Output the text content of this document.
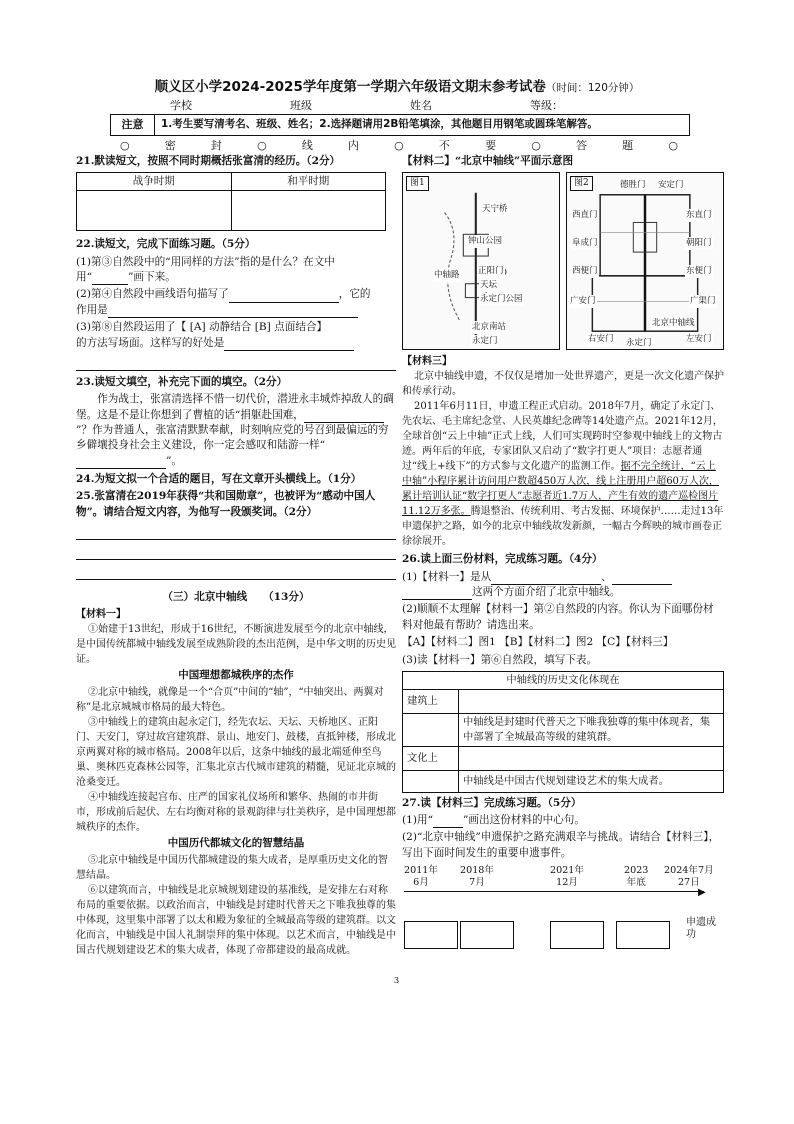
顺义区小学2024-2025学年度第一学期六年级语文期末参考试卷（时间：120分钟）
学校	班级	姓名	等级：
注意	1.考生要写清考名、班级、姓名；2.选择题请用2B铅笔填涂，其他题目用钢笔或圆珠笔解答。
○	密	封	○	线	内	○	不	要	○	答	题	○
21.默读短文，按照不同时期概括张富清的经历。（2分）
战争时期	和平时期

22.读短文，完成下面练习题。（5分）
(1)第③自然段中的“用同样的方法”指的是什么？在文中
用“	”画下来。
(2)第④自然段中画线语句描写了	，它的
作用是
(3)第⑧自然段运用了【 [A] 动静结合 [B] 点面结合】
的方法写场面。这样写的好处是
23.读短文填空，补充完下面的填空。（2分）
作为战士，张富清选择不惜一切代价，潜进永丰城炸掉敌人的碉堡。这是不是让你想到了曹植的话“捐躯赴国难，”？作为普通人，张富清默默奉献，时刻响应党的号召到最偏远的穷乡僻壤投身社会主义建设，你一定会感叹和陆游一样“”。
24.为短文拟一个合适的题目，写在文章开头横线上。（1分）
25.张富清在2019年获得“共和国勋章”，也被评为“感动中国人物”。请结合短文内容，为他写一段颁奖词。（2分）
（三）北京中轴线　　（13分）
【材料一】

①始建于13世纪，形成于16世纪，不断演进发展至今的北京中轴线，是中国传统都城中轴线发展至成熟阶段的杰出范例，是中华文明的历史见证。

中国理想都城秩序的杰作

②北京中轴线，就像是一个“合页”中间的“轴”，“中轴突出、两翼对称”是北京城城市格局的最大特色。

③中轴线上的建筑由起永定门，经先农坛、天坛、天桥地区、正阳门、天安门，穿过故宫建筑群、景山、地安门、鼓楼，直抵钟楼，形成北京两翼对称的城市格局。2008年以后，这条中轴线的最北端延伸至鸟巢、奥林匹克森林公园等，汇集北京古代城市建筑的精髓，见证北京城的沧桑变迁。

④中轴线连接起宫布、庄严的国家礼仪场所和繁华、热闹的市井街市，形成前后起伏、左右均衡对称的景观韵律与壮美秩序，是中国理想都城秩序的杰作。

中国历代都城文化的智慧结晶

⑤北京中轴线是中国历代都城建设的集大成者，是厚重历史文化的智慧结晶。

⑥以建筑而言，中轴线是北京城规划建设的基准线，是安排左右对称布局的重要依据。以政治而言，中轴线是封建时代普天之下唯我独尊的集中体现，这里集中部署了以太和殿为象征的全城最高等级的建筑群。以文化而言，中轴线是中国人礼制崇拜的集中体现。以艺术而言，中轴线是中国古代规划建设艺术的集大成者，体现了帝都建设的最高成就。

【材料二】“北京中轴线”平面示意图
图1
天宁桥
钟山公园
中轴路 正阳门
天坛
永定门公园
北京南站
永定门
图2	德胜门 安定门
西直门	东直门
阜成门	朝阳门
西便门	东便门
广安门	广渠门
右安门 永定门	左安门
北京中轴线
【材料三】

北京中轴线申遗，不仅仅是增加一处世界遗产，更是一次文化遗产保护和传承行动。

2011年6月11日，申遗工程正式启动。2018年7月，确定了永定门、先农坛、毛主席纪念堂、人民英雄纪念碑等14处遗产点。2021年12月，全球首创“云上中轴”正式上线，人们可实现跨时空参观中轴线上的文物古迹。两年后的年底，专家团队又启动了“数字打更人”项目：志愿者通过“线上+线下”的方式参与文化遗产的监测工作。据不完全统计，“云上中轴”小程序累计访问用户数超450万人次，线上注册用户超60万人次，累计培训认证“数字打更人”志愿者近1.7万人，产生有效的遗产巡检图片11.12万多张。腾退整治、传统利用、考古发掘、环境保护……走过13年申遗保护之路，如今的北京中轴线故发新颜，一幅古今辉映的城市画卷正徐徐展开。

26.读上面三份材料，完成练习题。（4分）
(1)【材料一】是从	、
这两个方面介绍了北京中轴线。
(2)顺顺不太理解【材料一】第②自然段的内容。你认为下面哪份材料对他最有帮助？请选出来。
【A】【材料二】图1 【B】【材料二】图2 【C】【材料三】
(3)读【材料一】第⑥自然段，填写下表。
中轴线的历史文化体现在	
建筑上	
	中轴线是封建时代普天之下唯我独尊的集中体现者，集中部署了全城最高等级的建筑群。
文化上	
	中轴线是中国古代规划建设艺术的集大成者。
27.读【材料三】完成练习题。（5分）
(1)用“	”画出这份材料的中心句。
(2)“北京中轴线”申遗保护之路充满艰辛与挑战。请结合【材料三】，写出下面时间发生的重要申遗事件。
▶
2011年
6月
2018年
7月
2021年
12月
2023
年底
2024年7月
27日
申遗成功
3
